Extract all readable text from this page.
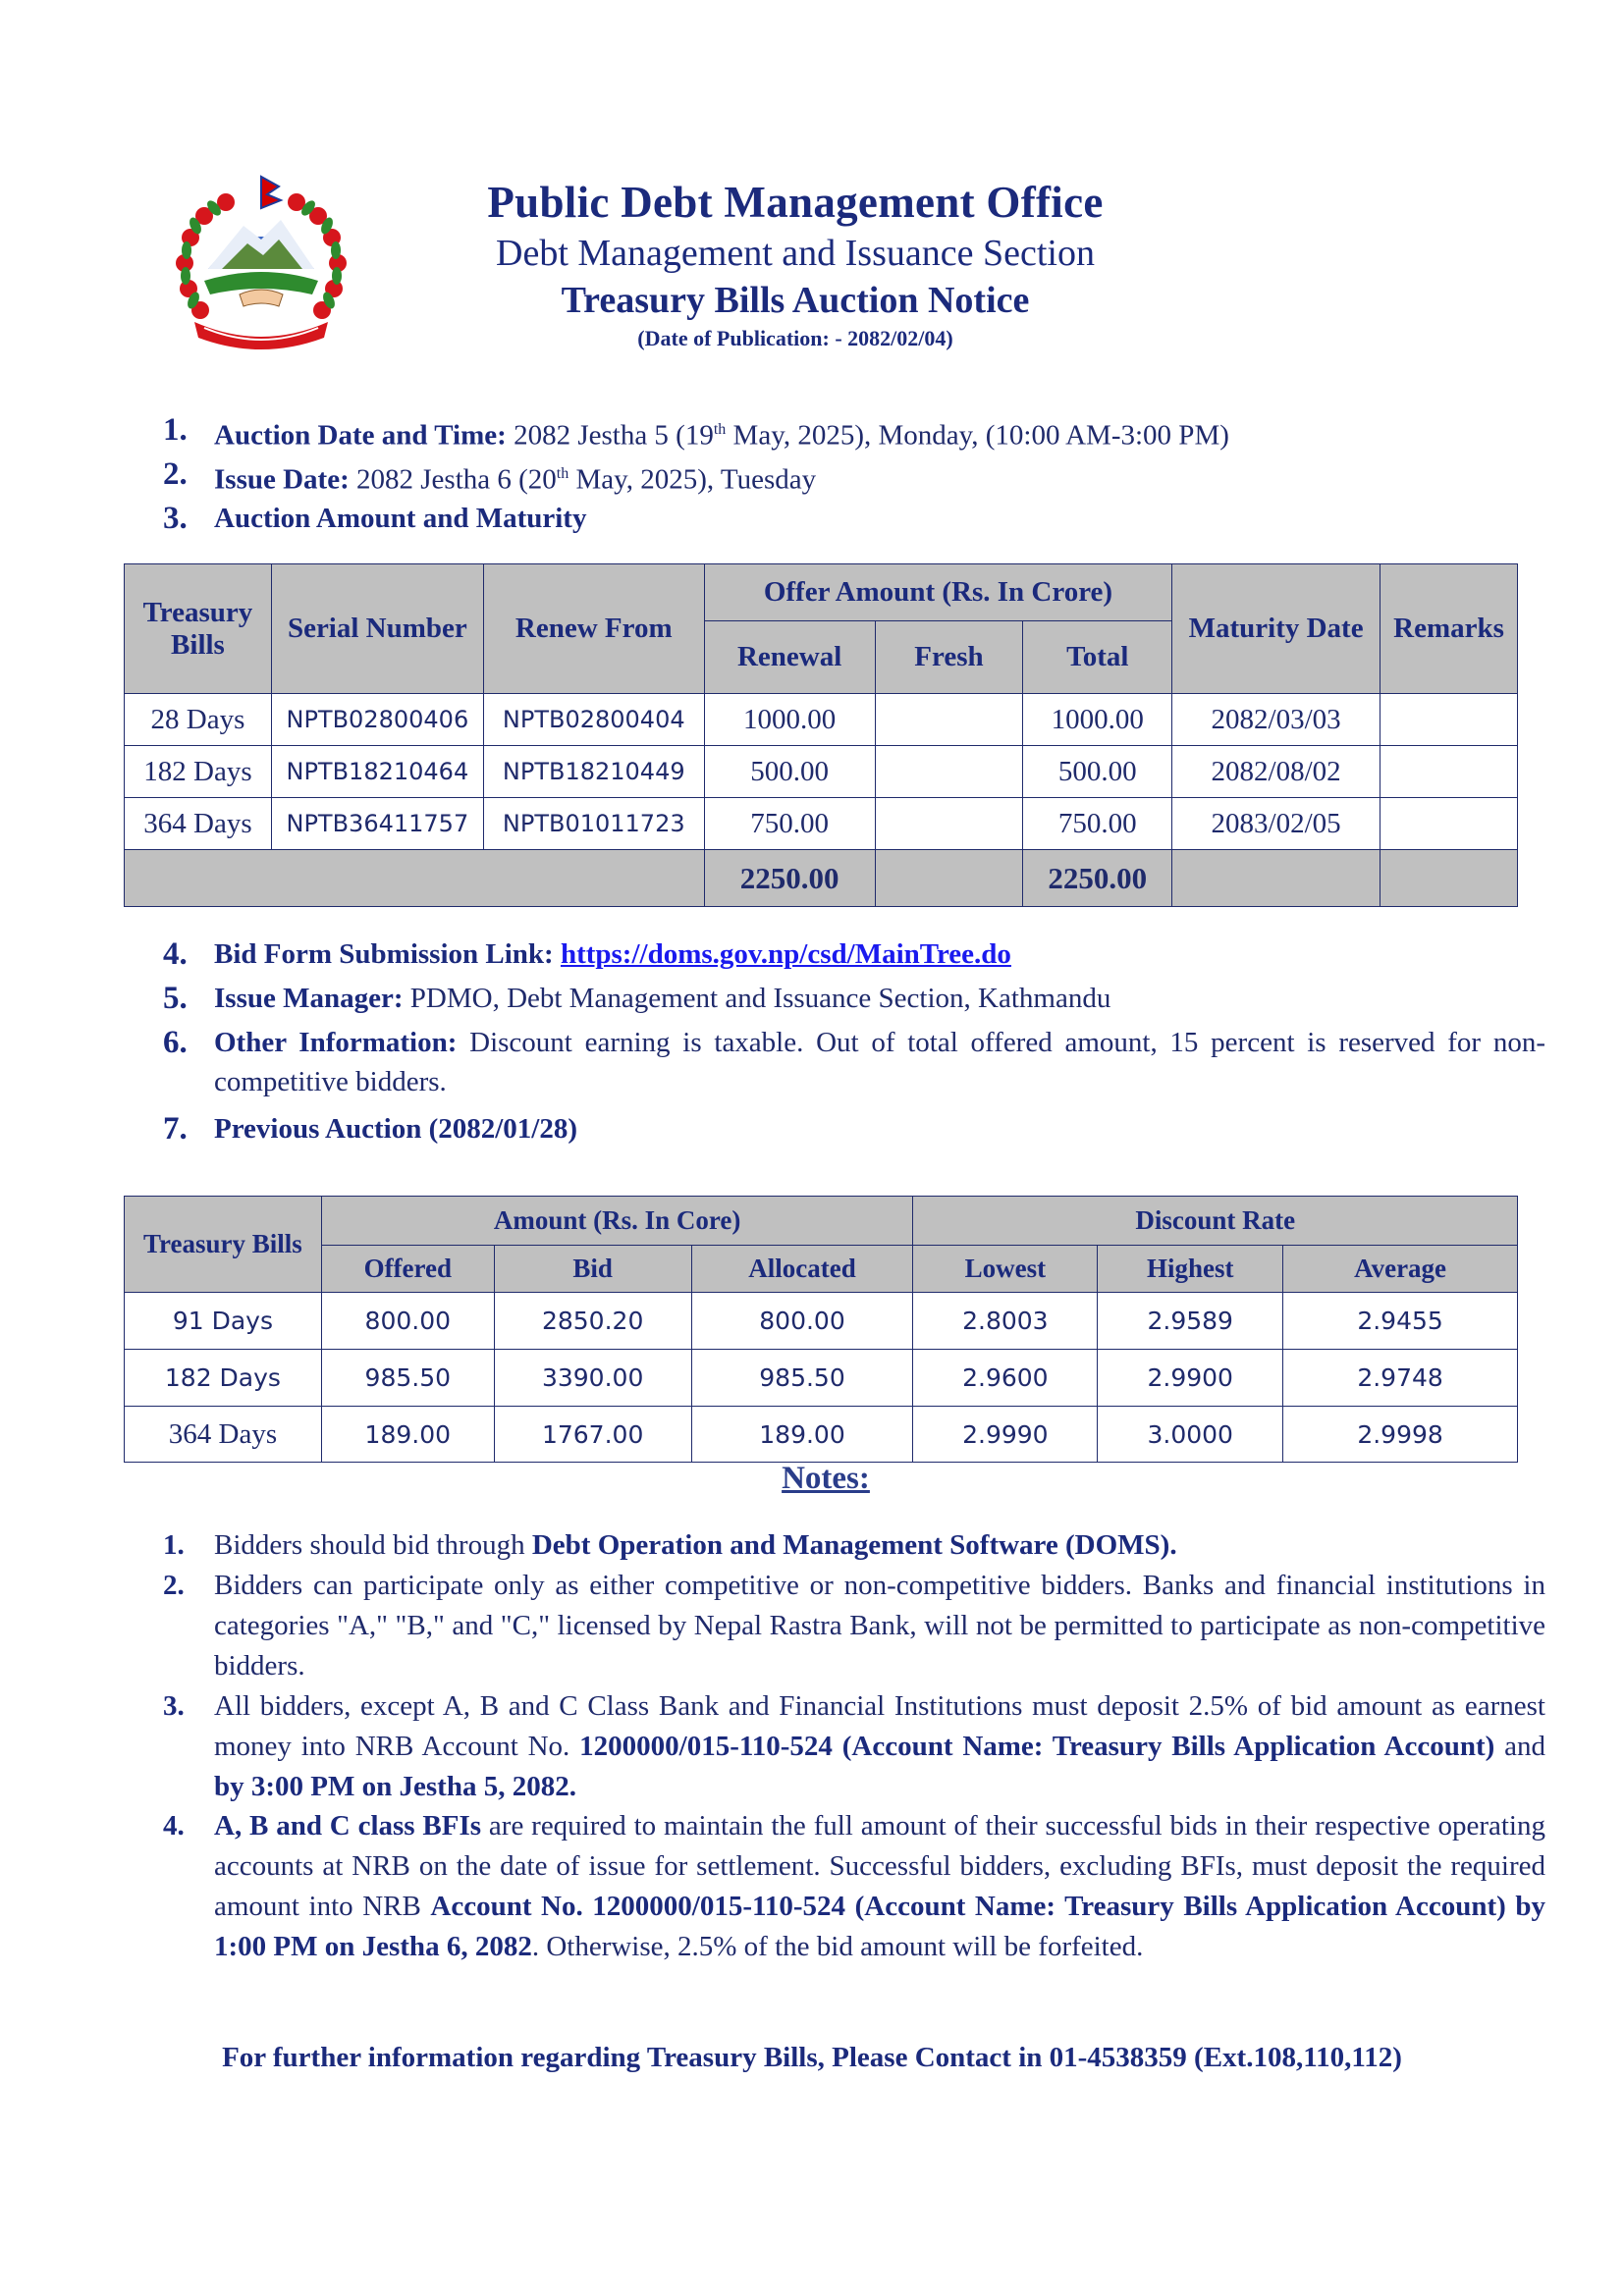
Public Debt Management Office
Debt Management and Issuance Section
Treasury Bills Auction Notice
(Date of Publication: - 2082/02/04)
1. Auction Date and Time: 2082 Jestha 5 (19th May, 2025), Monday, (10:00 AM-3:00 PM)
2. Issue Date: 2082 Jestha 6 (20th May, 2025), Tuesday
3. Auction Amount and Maturity
Treasury Bills	Serial Number	Renew From	Offer Amount (Rs. In Crore)			Maturity Date	Remarks
			Renewal	Fresh	Total		
28 Days	NPTB02800406	NPTB02800404	1000.00		1000.00	2082/03/03	
182 Days	NPTB18210464	NPTB18210449	500.00		500.00	2082/08/02	
364 Days	NPTB36411757	NPTB01011723	750.00		750.00	2083/02/05	
			2250.00		2250.00		
4. Bid Form Submission Link: https://doms.gov.np/csd/MainTree.do
5. Issue Manager: PDMO, Debt Management and Issuance Section, Kathmandu
6. Other Information: Discount earning is taxable. Out of total offered amount, 15 percent is reserved for non-competitive bidders.
7. Previous Auction (2082/01/28)
Treasury Bills	Amount (Rs. In Core)			Discount Rate		
	Offered	Bid	Allocated	Lowest	Highest	Average
91 Days	800.00	2850.20	800.00	2.8003	2.9589	2.9455
182 Days	985.50	3390.00	985.50	2.9600	2.9900	2.9748
364 Days	189.00	1767.00	189.00	2.9990	3.0000	2.9998
Notes:
1. Bidders should bid through Debt Operation and Management Software (DOMS).
2. Bidders can participate only as either competitive or non-competitive bidders. Banks and financial institutions in categories "A," "B," and "C," licensed by Nepal Rastra Bank, will not be permitted to participate as non-competitive bidders.
3. All bidders, except A, B and C Class Bank and Financial Institutions must deposit 2.5% of bid amount as earnest money into NRB Account No. 1200000/015-110-524 (Account Name: Treasury Bills Application Account) and by 3:00 PM on Jestha 5, 2082.
4. A, B and C class BFIs are required to maintain the full amount of their successful bids in their respective operating accounts at NRB on the date of issue for settlement. Successful bidders, excluding BFIs, must deposit the required amount into NRB Account No. 1200000/015-110-524 (Account Name: Treasury Bills Application Account) by 1:00 PM on Jestha 6, 2082. Otherwise, 2.5% of the bid amount will be forfeited.
For further information regarding Treasury Bills, Please Contact in 01-4538359 (Ext.108,110,112)
